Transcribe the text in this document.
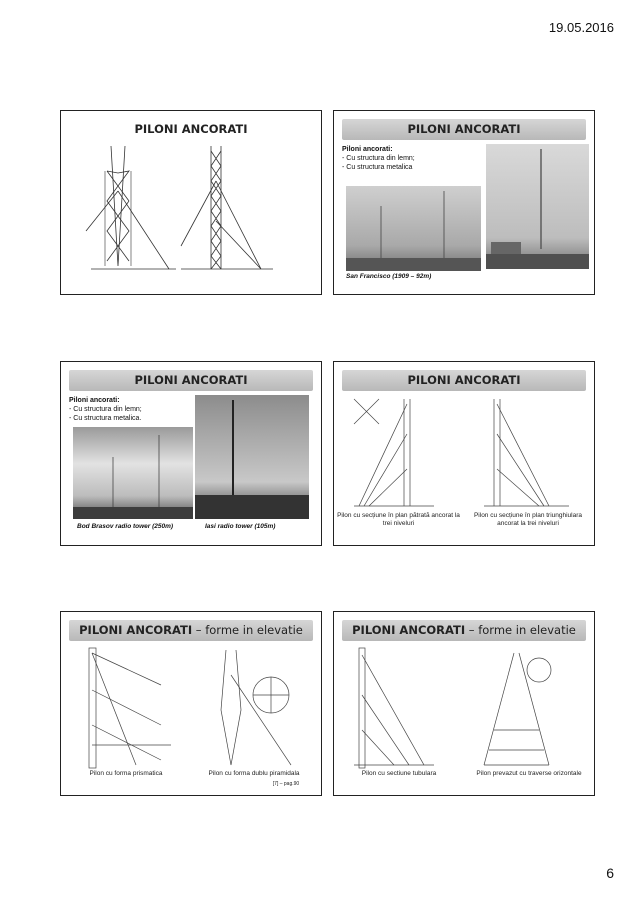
19.05.2016
PILONI ANCORATI	PILONI ANCORATI
Piloni ancorati:
- Cu structura din lemn;
- Cu structura metalica
San Francisco (1909 – 92m)
PILONI ANCORATI
Piloni ancorati:
- Cu structura din lemn;
- Cu structura metalica.
Bod Brasov radio tower (250m)	Iasi radio tower (105m)
PILONI ANCORATI
Pilon cu secțiune în plan pătrată ancorat la trei niveluri
Pilon cu secțiune în plan triunghiulara ancorat la trei niveluri
PILONI ANCORATI – forme in elevatie
Pilon cu forma prismatica	Pilon cu forma dublu piramidala
[7] – pag.90
PILONI ANCORATI – forme in elevatie
Pilon cu sectiune tubulara	Pilon prevazut cu traverse orizontale
6
